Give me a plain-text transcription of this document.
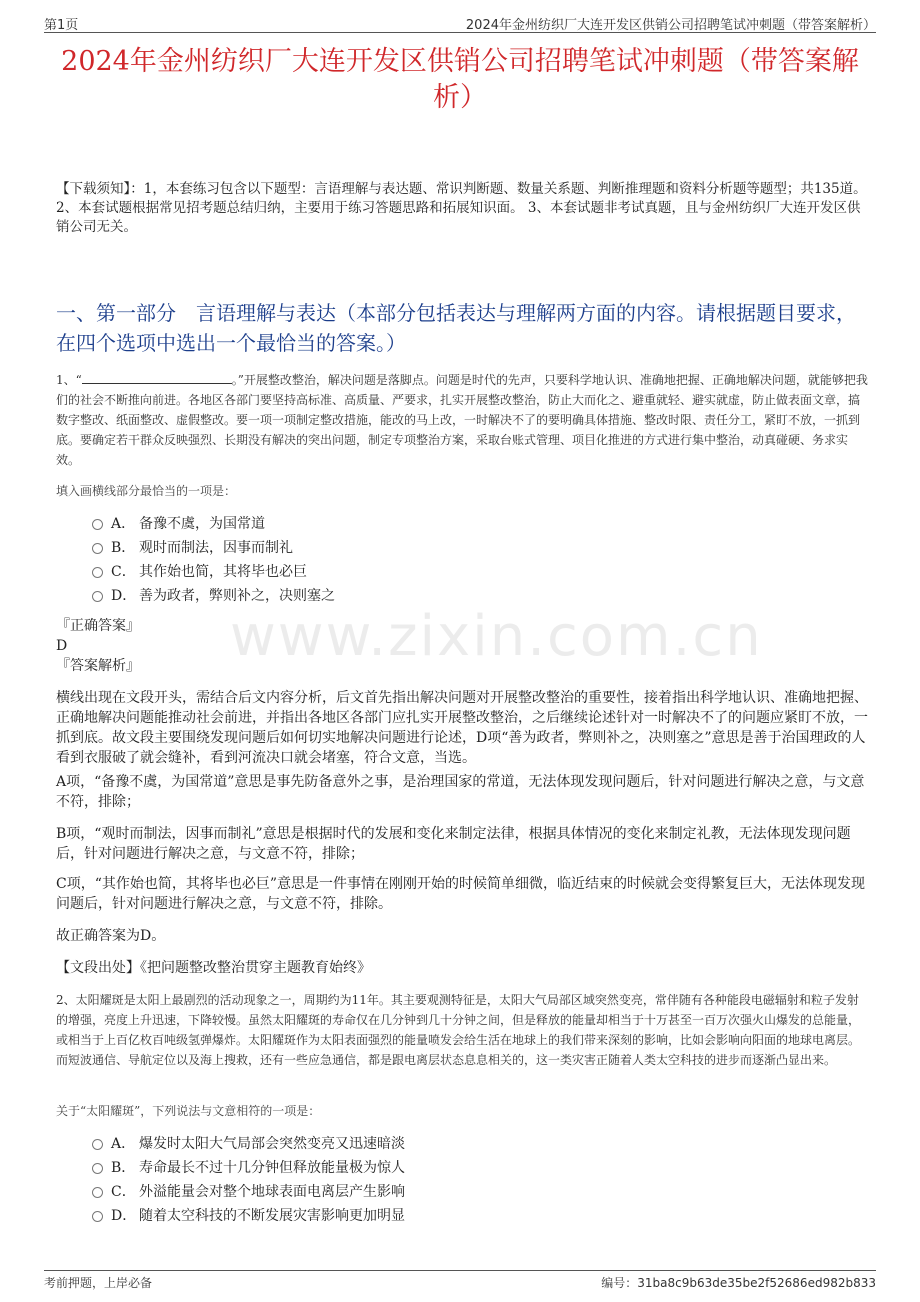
第1页	2024年金州纺织厂大连开发区供销公司招聘笔试冲刺题（带答案解析）
2024年金州纺织厂大连开发区供销公司招聘笔试冲刺题（带答案解析）
【下载须知】：1，本套练习包含以下题型：言语理解与表达题、常识判断题、数量关系题、判断推理题和资料分析题等题型；共135道。 2、本套试题根据常见招考题总结归纳，主要用于练习答题思路和拓展知识面。 3、本套试题非考试真题，且与金州纺织厂大连开发区供销公司无关。
一、第一部分　言语理解与表达（本部分包括表达与理解两方面的内容。请根据题目要求，在四个选项中选出一个最恰当的答案。）
1、“	。”开展整改整治，解决问题是落脚点。问题是时代的先声，只要科学地认识、准确地把握、正确地解决问题，就能够把我们的社会不断推向前进。各地区各部门要坚持高标准、高质量、严要求，扎实开展整改整治，防止大而化之、避重就轻、避实就虚，防止做表面文章，搞数字整改、纸面整改、虚假整改。要一项一项制定整改措施，能改的马上改，一时解决不了的要明确具体措施、整改时限、责任分工，紧盯不放，一抓到底。要确定若干群众反映强烈、长期没有解决的突出问题，制定专项整治方案，采取台账式管理、项目化推进的方式进行集中整治，动真碰硬、务求实效。
填入画横线部分最恰当的一项是：
A． 备豫不虞，为国常道
B． 观时而制法，因事而制礼
C． 其作始也简，其将毕也必巨
D． 善为政者，弊则补之，决则塞之
www.zixin.com.cn
『正确答案』
D
『答案解析』
横线出现在文段开头，需结合后文内容分析，后文首先指出解决问题对开展整改整治的重要性，接着指出科学地认识、准确地把握、正确地解决问题能推动社会前进，并指出各地区各部门应扎实开展整改整治，之后继续论述针对一时解决不了的问题应紧盯不放，一抓到底。故文段主要围绕发现问题后如何切实地解决问题进行论述，D项“善为政者，弊则补之，决则塞之”意思是善于治国理政的人看到衣服破了就会缝补，看到河流决口就会堵塞，符合文意，当选。
A项，“备豫不虞，为国常道”意思是事先防备意外之事，是治理国家的常道，无法体现发现问题后，针对问题进行解决之意，与文意不符，排除；
B项，“观时而制法，因事而制礼”意思是根据时代的发展和变化来制定法律，根据具体情况的变化来制定礼教，无法体现发现问题后，针对问题进行解决之意，与文意不符，排除；
C项，“其作始也简，其将毕也必巨”意思是一件事情在刚刚开始的时候简单细微，临近结束的时候就会变得繁复巨大，无法体现发现问题后，针对问题进行解决之意，与文意不符，排除。
故正确答案为D。
【文段出处】《把问题整改整治贯穿主题教育始终》
2、太阳耀斑是太阳上最剧烈的活动现象之一，周期约为11年。其主要观测特征是，太阳大气局部区域突然变亮，常伴随有各种能段电磁辐射和粒子发射的增强，亮度上升迅速，下降较慢。虽然太阳耀斑的寿命仅在几分钟到几十分钟之间，但是释放的能量却相当于十万甚至一百万次强火山爆发的总能量，或相当于上百亿枚百吨级氢弹爆炸。太阳耀斑作为太阳表面强烈的能量喷发会给生活在地球上的我们带来深刻的影响，比如会影响向阳面的地球电离层。而短波通信、导航定位以及海上搜救，还有一些应急通信，都是跟电离层状态息息相关的，这一类灾害正随着人类太空科技的进步而逐渐凸显出来。
关于“太阳耀斑”，下列说法与文意相符的一项是：
A． 爆发时太阳大气局部会突然变亮又迅速暗淡
B． 寿命最长不过十几分钟但释放能量极为惊人
C． 外溢能量会对整个地球表面电离层产生影响
D． 随着太空科技的不断发展灾害影响更加明显
考前押题，上岸必备	编号：31ba8c9b63de35be2f52686ed982b833
